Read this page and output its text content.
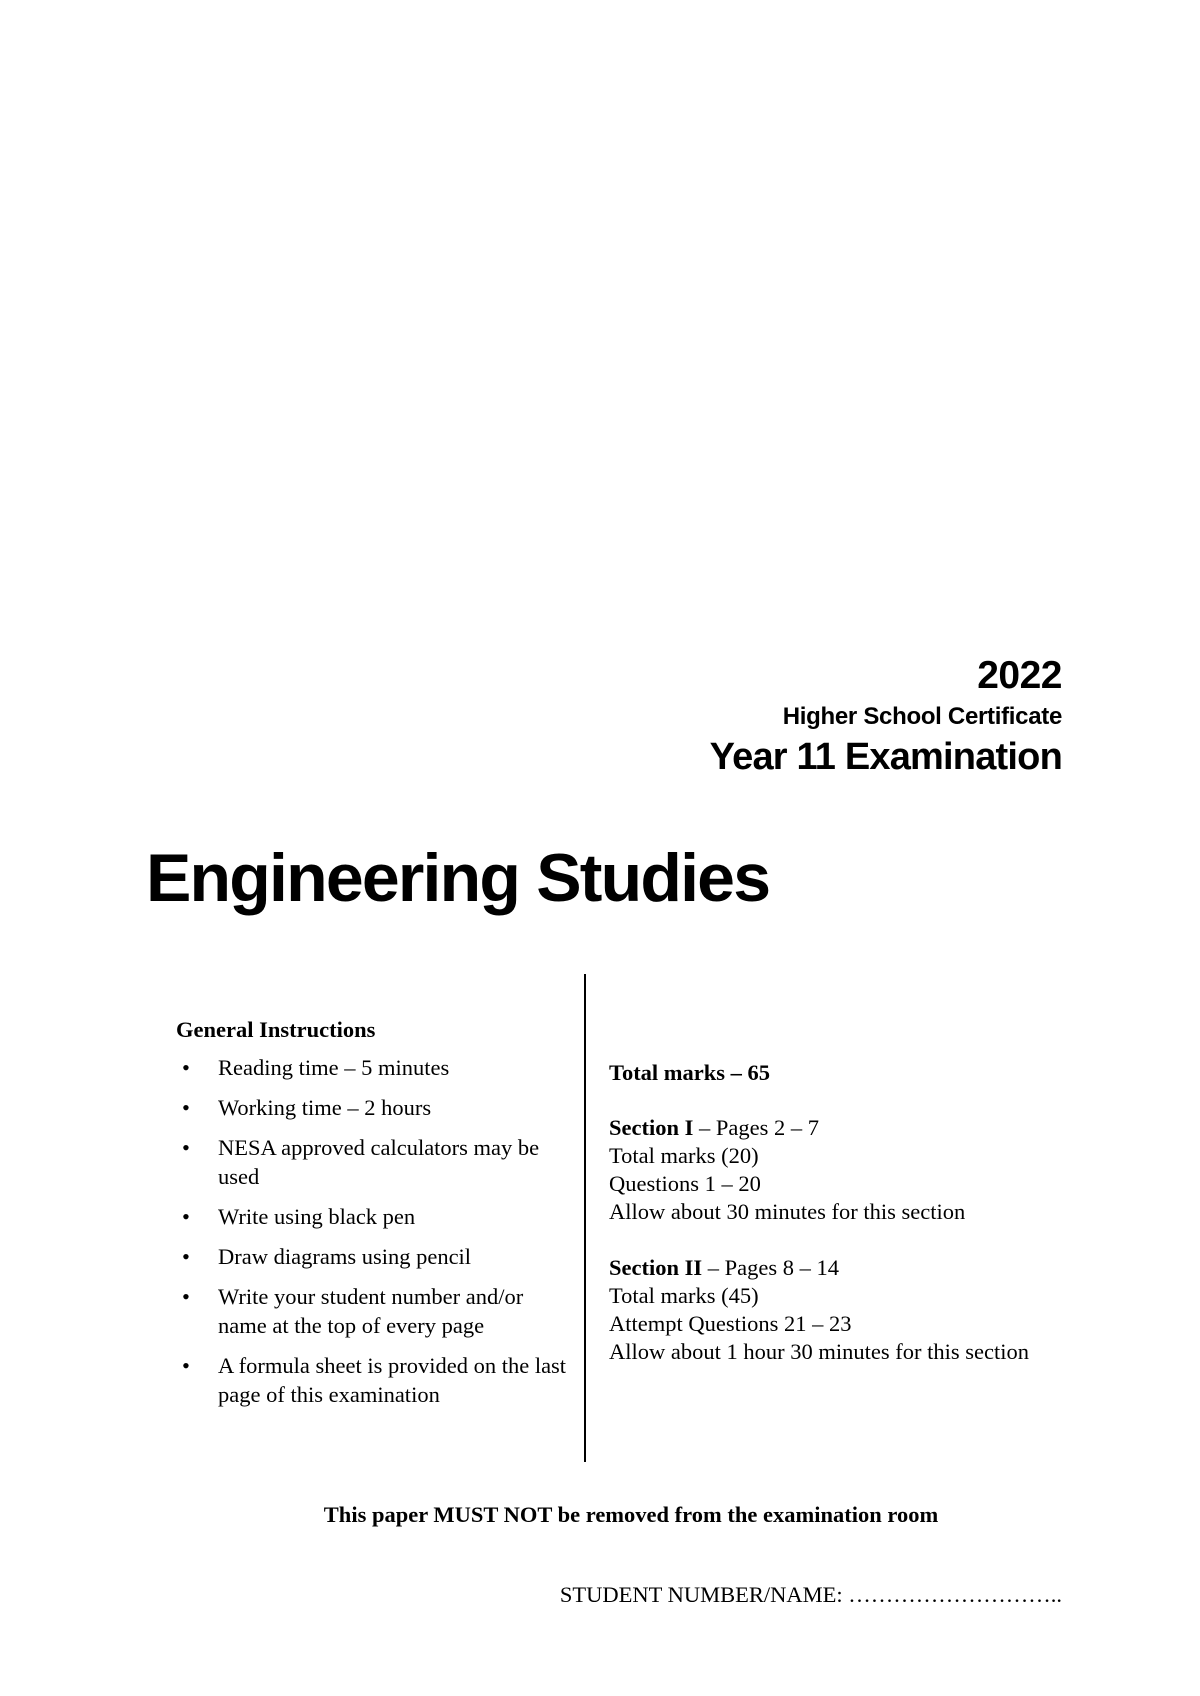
2022
Higher School Certificate
Year 11 Examination
Engineering Studies
General Instructions
• Reading time – 5 minutes
• Working time – 2 hours
• NESA approved calculators may be used
• Write using black pen
• Draw diagrams using pencil
• Write your student number and/or name at the top of every page
• A formula sheet is provided on the last page of this examination
Total marks – 65
Section I – Pages 2 – 7
Total marks (20)
Questions 1 – 20
Allow about 30 minutes for this section
Section II – Pages 8 – 14
Total marks (45)
Attempt Questions 21 – 23
Allow about 1 hour 30 minutes for this section
This paper MUST NOT be removed from the examination room
STUDENT NUMBER/NAME: ………………………..
